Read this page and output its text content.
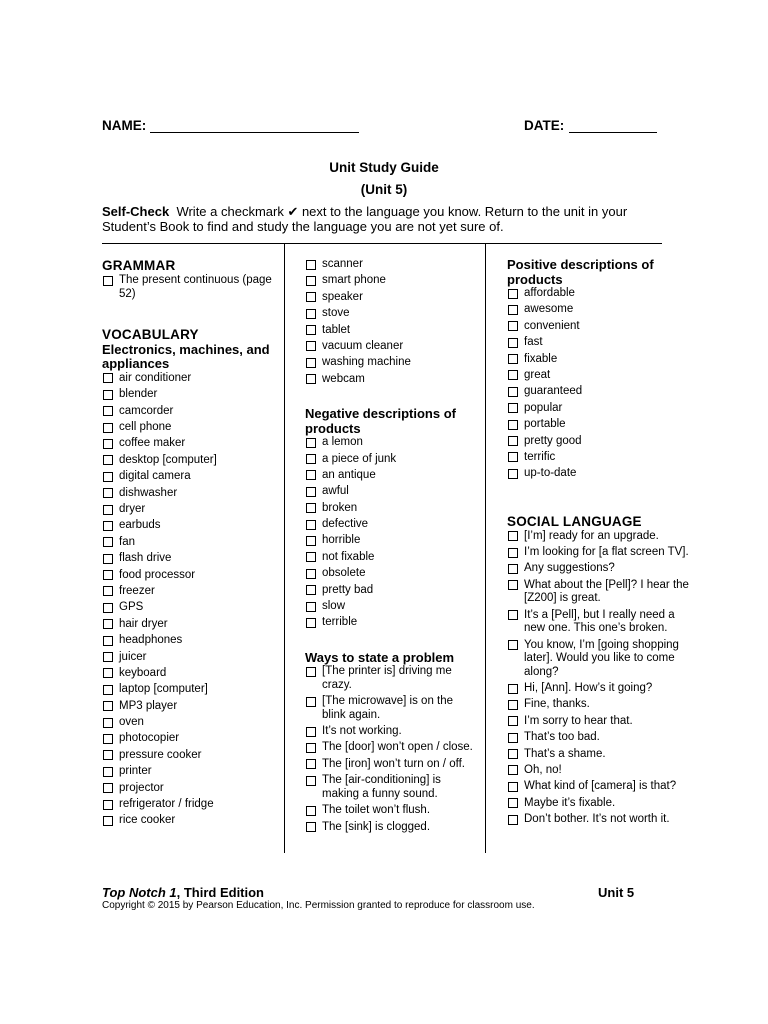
NAME:	DATE:
Unit Study Guide
(Unit 5)
Self-Check Write a checkmark ✔ next to the language you know. Return to the unit in your Student’s Book to find and study the language you are not yet sure of.
GRAMMAR
The present continuous (page 52)
VOCABULARY
Electronics, machines, and appliances
air conditioner
blender
camcorder
cell phone
coffee maker
desktop [computer]
digital camera
dishwasher
dryer
earbuds
fan
flash drive
food processor
freezer
GPS
hair dryer
headphones
juicer
keyboard
laptop [computer]
MP3 player
oven
photocopier
pressure cooker
printer
projector
refrigerator / fridge
rice cooker
scanner
smart phone
speaker
stove
tablet
vacuum cleaner
washing machine
webcam
Negative descriptions of products
a lemon
a piece of junk
an antique
awful
broken
defective
horrible
not fixable
obsolete
pretty bad
slow
terrible
Ways to state a problem
[The printer is] driving me crazy.
[The microwave] is on the blink again.
It’s not working.
The [door] won’t open / close.
The [iron] won’t turn on / off.
The [air-conditioning] is making a funny sound.
The toilet won’t flush.
The [sink] is clogged.
Positive descriptions of products
affordable
awesome
convenient
fast
fixable
great
guaranteed
popular
portable
pretty good
terrific
up-to-date
SOCIAL LANGUAGE
[I’m] ready for an upgrade.
I’m looking for [a flat screen TV].
Any suggestions?
What about the [Pell]? I hear the [Z200] is great.
It’s a [Pell], but I really need a new one. This one’s broken.
You know, I’m [going shopping later]. Would you like to come along?
Hi, [Ann]. How’s it going?
Fine, thanks.
I’m sorry to hear that.
That’s too bad.
That’s a shame.
Oh, no!
What kind of [camera] is that?
Maybe it’s fixable.
Don’t bother. It’s not worth it.
Top Notch 1, Third Edition	Unit 5
Copyright © 2015 by Pearson Education, Inc. Permission granted to reproduce for classroom use.
